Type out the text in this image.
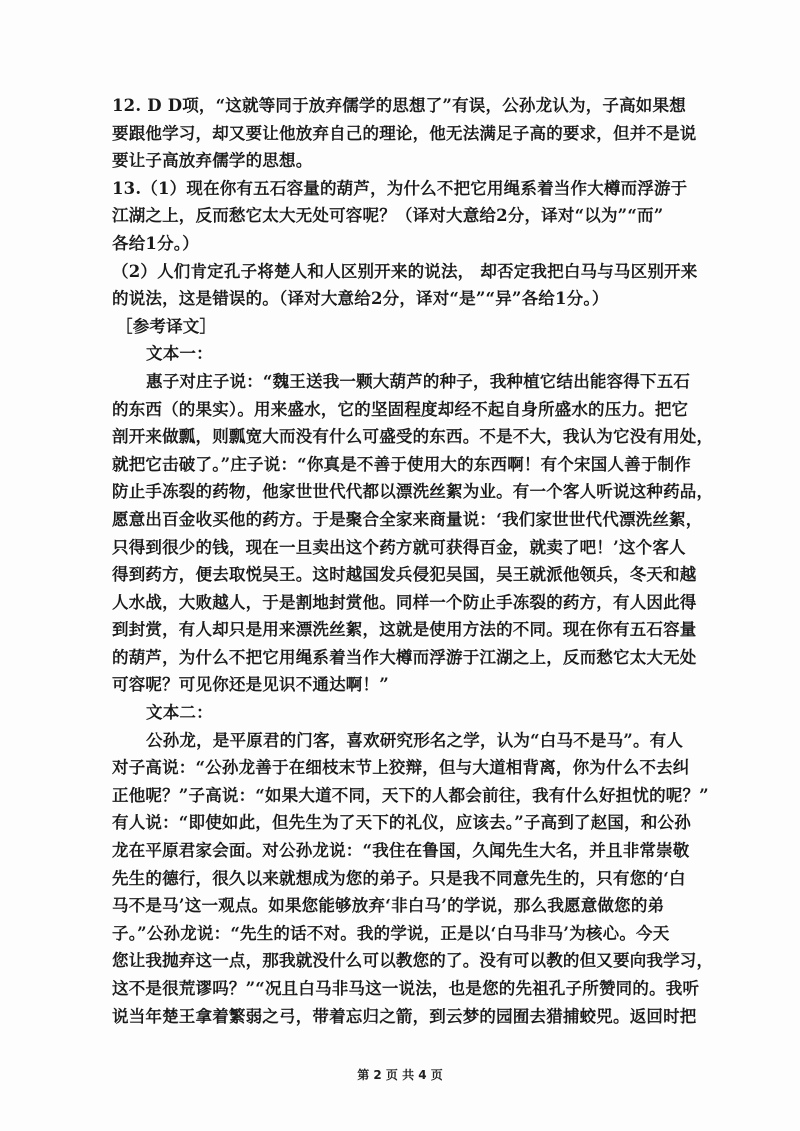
12. D D项，“这就等同于放弃儒学的思想了”有误，公孙龙认为，子高如果想
要跟他学习，却又要让他放弃自己的理论，他无法满足子高的要求，但并不是说
要让子高放弃儒学的思想。
13.（1）现在你有五石容量的葫芦，为什么不把它用绳系着当作大樽而浮游于
江湖之上，反而愁它太大无处可容呢？（译对大意给2分，译对“以为”“而”
各给1分。）
（2）人们肯定孔子将楚人和人区别开来的说法， 却否定我把白马与马区别开来
的说法，这是错误的。（译对大意给2分，译对“是”“异”各给1分。）
［参考译文］
文本一：
惠子对庄子说：“魏王送我一颗大葫芦的种子，我种植它结出能容得下五石
的东西（的果实）。用来盛水，它的坚固程度却经不起自身所盛水的压力。把它
剖开来做瓢，则瓢宽大而没有什么可盛受的东西。不是不大，我认为它没有用处，
就把它击破了。”庄子说：“你真是不善于使用大的东西啊！有个宋国人善于制作
防止手冻裂的药物，他家世世代代都以漂洗丝絮为业。有一个客人听说这种药品，
愿意出百金收买他的药方。于是聚合全家来商量说：‘我们家世世代代漂洗丝絮，
只得到很少的钱，现在一旦卖出这个药方就可获得百金，就卖了吧！’这个客人
得到药方，便去取悦吴王。这时越国发兵侵犯吴国，吴王就派他领兵，冬天和越
人水战，大败越人，于是割地封赏他。同样一个防止手冻裂的药方，有人因此得
到封赏，有人却只是用来漂洗丝絮，这就是使用方法的不同。现在你有五石容量
的葫芦，为什么不把它用绳系着当作大樽而浮游于江湖之上，反而愁它太大无处
可容呢？可见你还是见识不通达啊！”
文本二：
公孙龙，是平原君的门客，喜欢研究形名之学，认为“白马不是马”。有人
对子高说：“公孙龙善于在细枝末节上狡辩，但与大道相背离，你为什么不去纠
正他呢？”子高说：“如果大道不同，天下的人都会前往，我有什么好担忧的呢？”
有人说：“即使如此，但先生为了天下的礼仪，应该去。”子高到了赵国，和公孙
龙在平原君家会面。对公孙龙说：“我住在鲁国，久闻先生大名，并且非常崇敬
先生的德行，很久以来就想成为您的弟子。只是我不同意先生的，只有您的‘白
马不是马’这一观点。如果您能够放弃‘非白马’的学说，那么我愿意做您的弟
子。”公孙龙说：“先生的话不对。我的学说，正是以‘白马非马’为核心。今天
您让我抛弃这一点，那我就没什么可以教您的了。没有可以教的但又要向我学习，
这不是很荒谬吗？”“况且白马非马这一说法，也是您的先祖孔子所赞同的。我听
说当年楚王拿着繁弱之弓，带着忘归之箭，到云梦的园囿去猎捕蛟兕。返回时把
第 2 页 共 4 页
